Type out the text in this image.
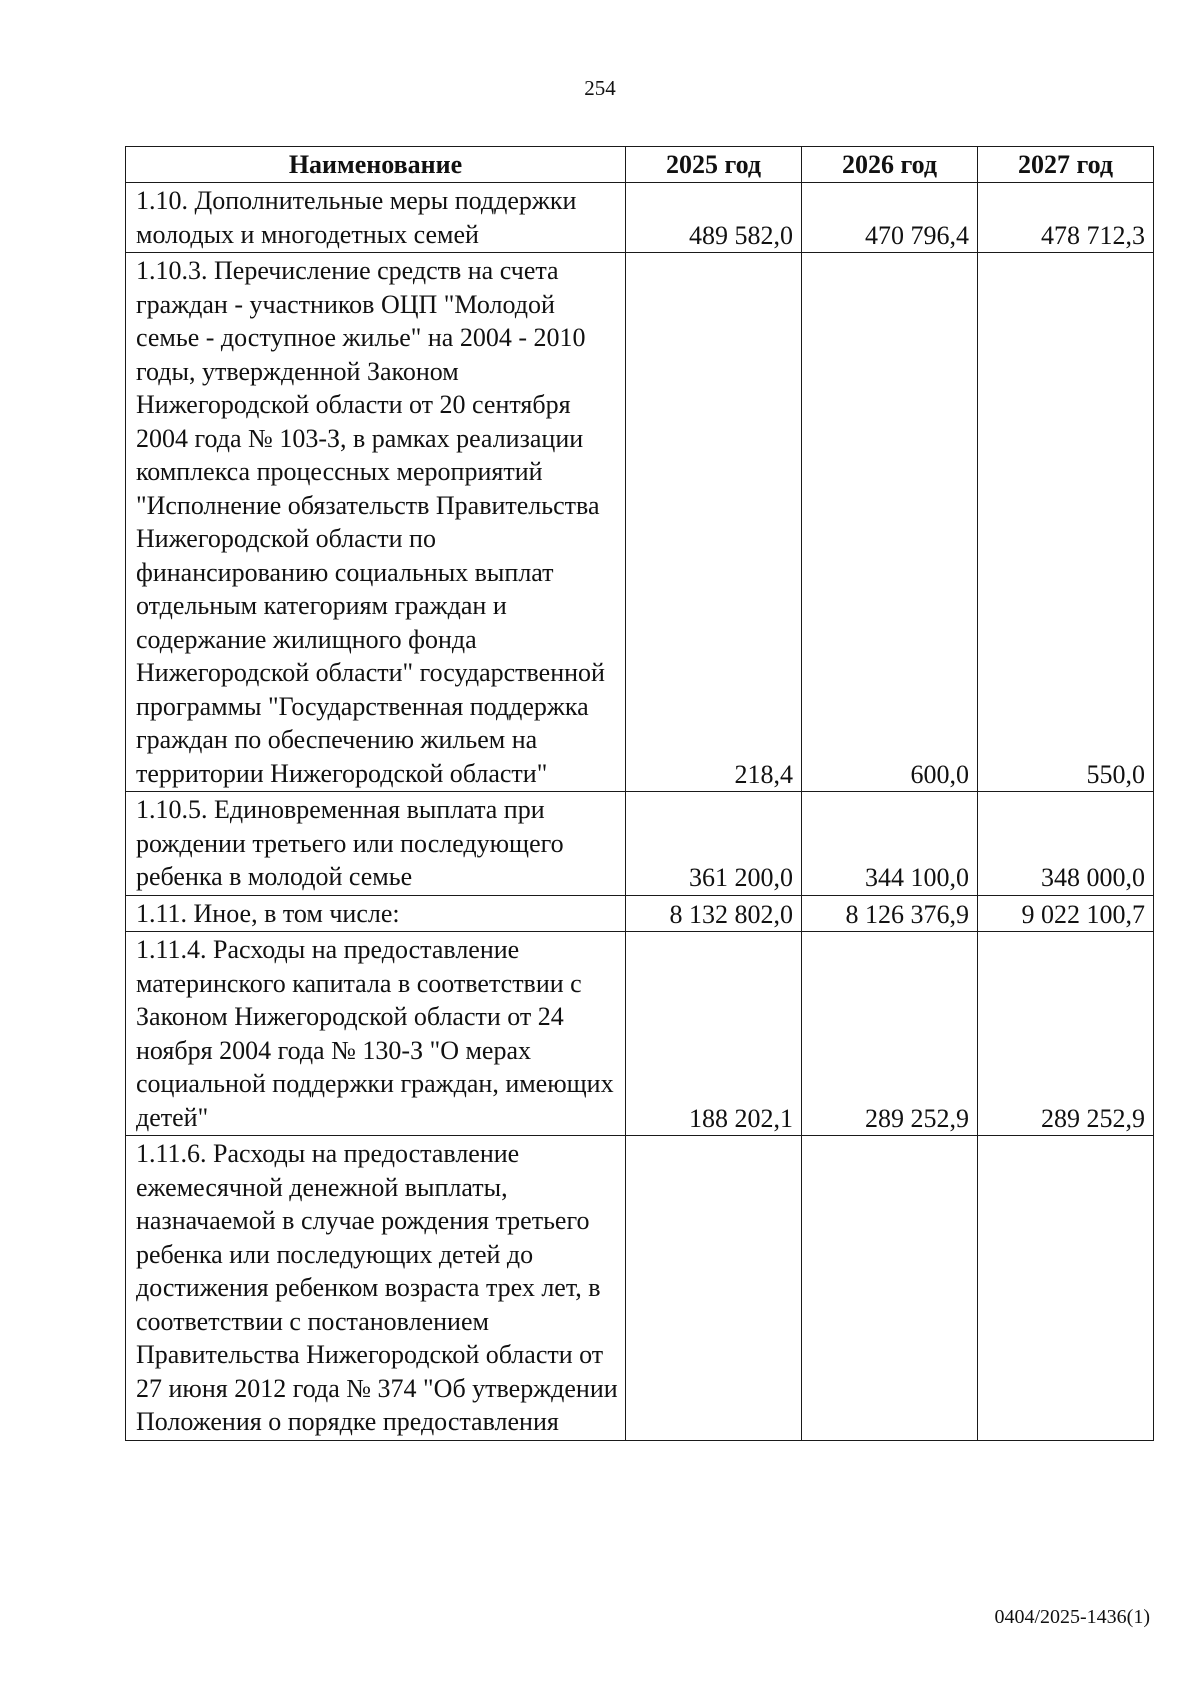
254
Наименование	2025 год	2026 год	2027 год
1.10. Дополнительные меры поддержки молодых и многодетных семей	489 582,0	470 796,4	478 712,3
1.10.3. Перечисление средств на счета граждан - участников ОЦП "Молодой семье - доступное жилье" на 2004 - 2010 годы, утвержденной Законом Нижегородской области от 20 сентября 2004 года № 103-З, в рамках реализации комплекса процессных мероприятий "Исполнение обязательств Правительства Нижегородской области по финансированию социальных выплат отдельным категориям граждан и содержание жилищного фонда Нижегородской области" государственной программы "Государственная поддержка граждан по обеспечению жильем на территории Нижегородской области"	218,4	600,0	550,0
1.10.5. Единовременная выплата при рождении третьего или последующего ребенка в молодой семье	361 200,0	344 100,0	348 000,0
1.11. Иное, в том числе:	8 132 802,0	8 126 376,9	9 022 100,7
1.11.4. Расходы на предоставление материнского капитала в соответствии с Законом Нижегородской области от 24 ноября 2004 года № 130-З "О мерах социальной поддержки граждан, имеющих детей"	188 202,1	289 252,9	289 252,9
1.11.6. Расходы на предоставление ежемесячной денежной выплаты, назначаемой в случае рождения третьего ребенка или последующих детей до достижения ребенком возраста трех лет, в соответствии с постановлением Правительства Нижегородской области от 27 июня 2012 года № 374 "Об утверждении Положения о порядке предоставления			
0404/2025-1436(1)
